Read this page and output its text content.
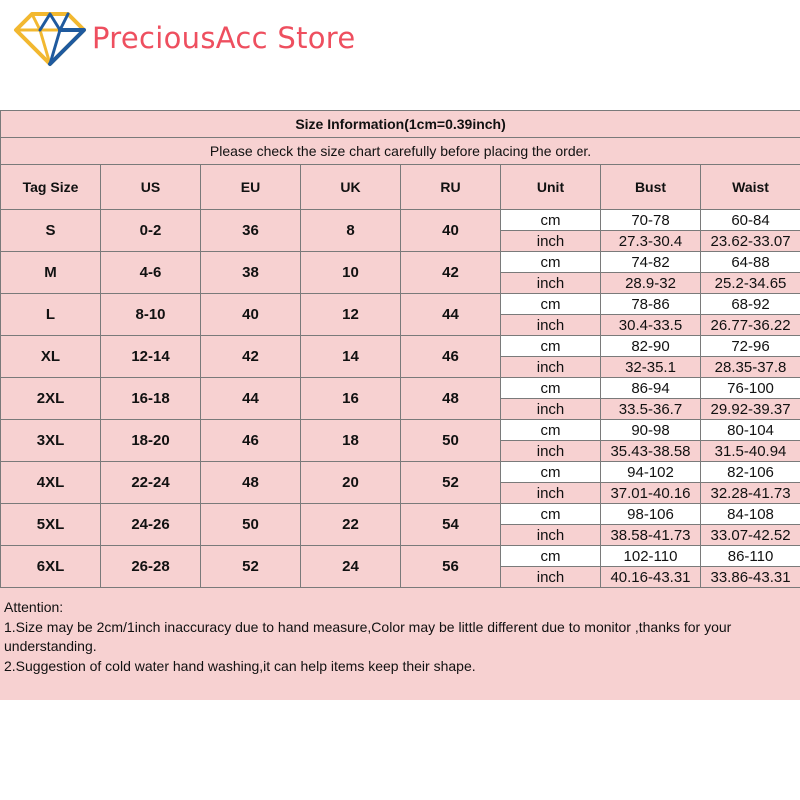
PreciousAcc Store
Size Information(1cm=0.39inch)							
Please check the size chart carefully before placing the order.							
Tag Size	US	EU	UK	RU	Unit	Bust	Waist
S	0-2	36	8	40	cm	70-78	60-84
					inch	27.3-30.4	23.62-33.07
M	4-6	38	10	42	cm	74-82	64-88
					inch	28.9-32	25.2-34.65
L	8-10	40	12	44	cm	78-86	68-92
					inch	30.4-33.5	26.77-36.22
XL	12-14	42	14	46	cm	82-90	72-96
					inch	32-35.1	28.35-37.8
2XL	16-18	44	16	48	cm	86-94	76-100
					inch	33.5-36.7	29.92-39.37
3XL	18-20	46	18	50	cm	90-98	80-104
					inch	35.43-38.58	31.5-40.94
4XL	22-24	48	20	52	cm	94-102	82-106
					inch	37.01-40.16	32.28-41.73
5XL	24-26	50	22	54	cm	98-106	84-108
					inch	38.58-41.73	33.07-42.52
6XL	26-28	52	24	56	cm	102-110	86-110
					inch	40.16-43.31	33.86-43.31
Attention:
1.Size may be 2cm/1inch inaccuracy due to hand measure,Color may be little different due to monitor ,thanks for your understanding.
2.Suggestion of cold water hand washing,it can help items keep their shape.
